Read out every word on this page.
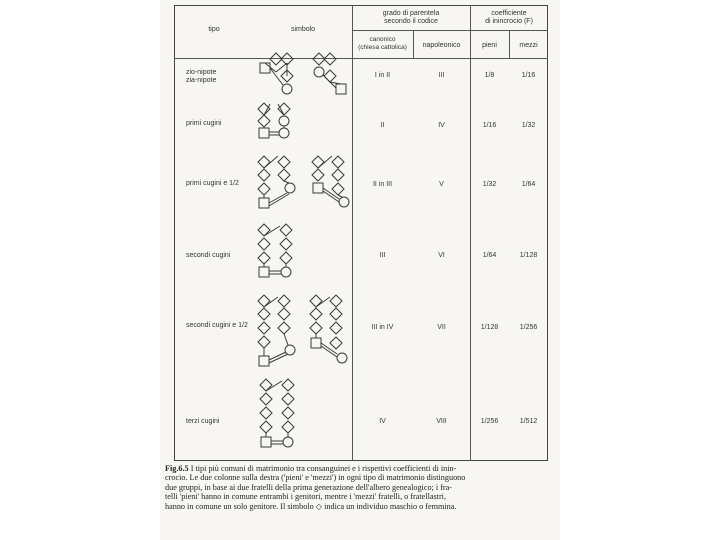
tipo	simbolo
grado di parentela
secondo il codice
canonico
(chiesa cattolica)	napoleonico
coefficiente
di inincrocio (F)
pieni	mezzi
zio-nipote
zia-nipote
I in II	III	1/8	1/16
primi cugini	II	IV	1/16	1/32
primi cugini e 1/2	II in III	V	1/32	1/64
secondi cugini	III	VI	1/64	1/128
secondi cugini e 1/2	III in IV	VII	1/128	1/256
terzi cugini	IV	VIII	1/256	1/512

Fig.6.5 I tipi più comuni di matrimonio tra consanguinei e i rispettivi coefficienti di inin-

crocio. Le due colonne sulla destra ('pieni' e 'mezzi') in ogni tipo di matrimonio distinguono

due gruppi, in base ai due fratelli della prima generazione dell'albero genealogico; i fra-

telli 'pieni' hanno in comune entrambi i genitori, mentre i 'mezzi' fratelli, o fratellastri,

hanno in comune un solo genitore. Il simbolo ◇ indica un individuo maschio o femmina.
